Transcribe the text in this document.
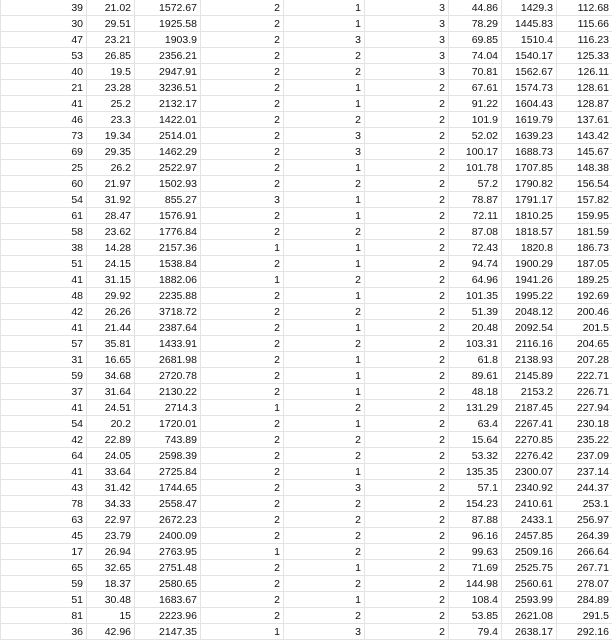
39	21.02	1572.67	2	1	3	44.86	1429.3	112.68
30	29.51	1925.58	2	1	3	78.29	1445.83	115.66
47	23.21	1903.9	2	3	3	69.85	1510.4	116.23
53	26.85	2356.21	2	2	3	74.04	1540.17	125.33
40	19.5	2947.91	2	2	3	70.81	1562.67	126.11
21	23.28	3236.51	2	1	2	67.61	1574.73	128.61
41	25.2	2132.17	2	1	2	91.22	1604.43	128.87
46	23.3	1422.01	2	2	2	101.9	1619.79	137.61
73	19.34	2514.01	2	3	2	52.02	1639.23	143.42
69	29.35	1462.29	2	3	2	100.17	1688.73	145.67
25	26.2	2522.97	2	1	2	101.78	1707.85	148.38
60	21.97	1502.93	2	2	2	57.2	1790.82	156.54
54	31.92	855.27	3	1	2	78.87	1791.17	157.82
61	28.47	1576.91	2	1	2	72.11	1810.25	159.95
58	23.62	1776.84	2	2	2	87.08	1818.57	181.59
38	14.28	2157.36	1	1	2	72.43	1820.8	186.73
51	24.15	1538.84	2	1	2	94.74	1900.29	187.05
41	31.15	1882.06	1	2	2	64.96	1941.26	189.25
48	29.92	2235.88	2	1	2	101.35	1995.22	192.69
42	26.26	3718.72	2	2	2	51.39	2048.12	200.46
41	21.44	2387.64	2	1	2	20.48	2092.54	201.5
57	35.81	1433.91	2	2	2	103.31	2116.16	204.65
31	16.65	2681.98	2	1	2	61.8	2138.93	207.28
59	34.68	2720.78	2	1	2	89.61	2145.89	222.71
37	31.64	2130.22	2	1	2	48.18	2153.2	226.71
41	24.51	2714.3	1	2	2	131.29	2187.45	227.94
54	20.2	1720.01	2	1	2	63.4	2267.41	230.18
42	22.89	743.89	2	2	2	15.64	2270.85	235.22
64	24.05	2598.39	2	2	2	53.32	2276.42	237.09
41	33.64	2725.84	2	1	2	135.35	2300.07	237.14
43	31.42	1744.65	2	3	2	57.1	2340.92	244.37
78	34.33	2558.47	2	2	2	154.23	2410.61	253.1
63	22.97	2672.23	2	2	2	87.88	2433.1	256.97
45	23.79	2400.09	2	2	2	96.16	2457.85	264.39
17	26.94	2763.95	1	2	2	99.63	2509.16	266.64
65	32.65	2751.48	2	1	2	71.69	2525.75	267.71
59	18.37	2580.65	2	2	2	144.98	2560.61	278.07
51	30.48	1683.67	2	1	2	108.4	2593.99	284.89
81	15	2223.96	2	2	2	53.85	2621.08	291.5
36	42.96	2147.35	1	3	2	79.4	2638.17	292.16
